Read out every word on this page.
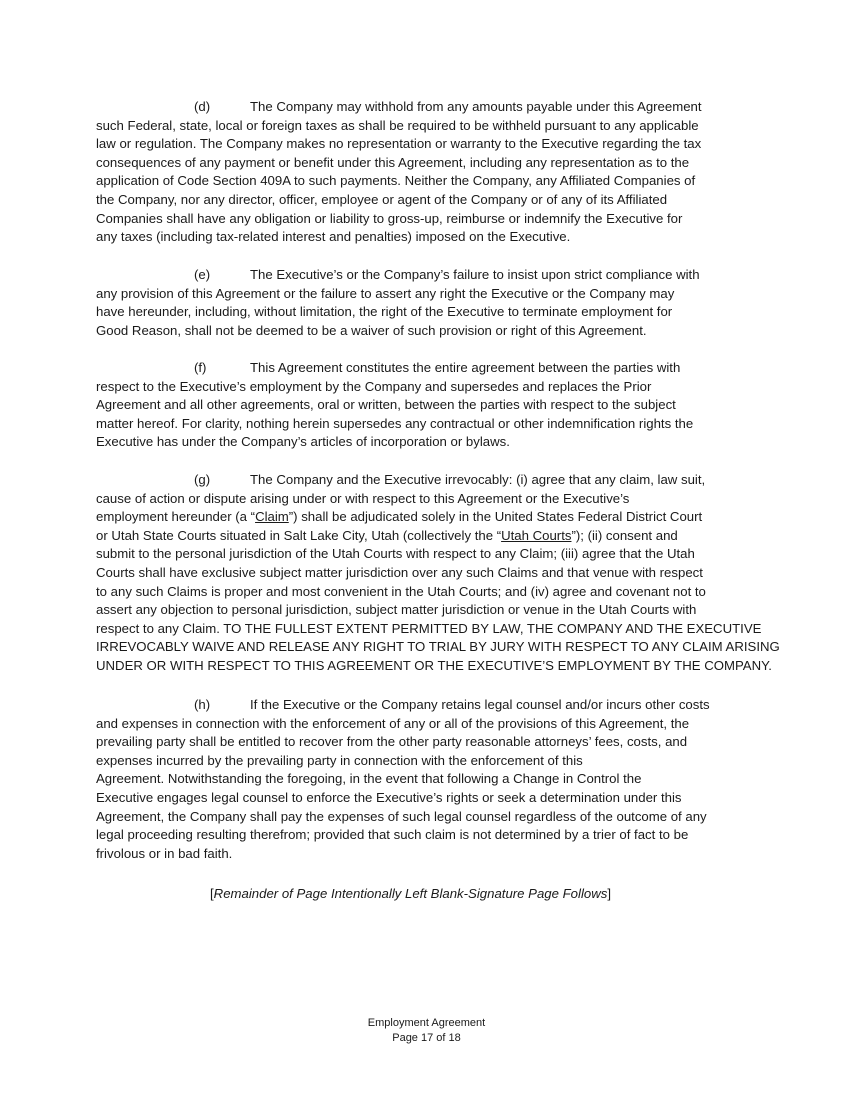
(d)	The Company may withhold from any amounts payable under this Agreement
such Federal, state, local or foreign taxes as shall be required to be withheld pursuant to any applicable
law or regulation. The Company makes no representation or warranty to the Executive regarding the tax
consequences of any payment or benefit under this Agreement, including any representation as to the
application of Code Section 409A to such payments. Neither the Company, any Affiliated Companies of
the Company, nor any director, officer, employee or agent of the Company or of any of its Affiliated
Companies shall have any obligation or liability to gross-up, reimburse or indemnify the Executive for
any taxes (including tax-related interest and penalties) imposed on the Executive.
(e)	The Executive’s or the Company’s failure to insist upon strict compliance with
any provision of this Agreement or the failure to assert any right the Executive or the Company may
have hereunder, including, without limitation, the right of the Executive to terminate employment for
Good Reason, shall not be deemed to be a waiver of such provision or right of this Agreement.
(f)	This Agreement constitutes the entire agreement between the parties with
respect to the Executive’s employment by the Company and supersedes and replaces the Prior
Agreement and all other agreements, oral or written, between the parties with respect to the subject
matter hereof. For clarity, nothing herein supersedes any contractual or other indemnification rights the
Executive has under the Company’s articles of incorporation or bylaws.
(g)	The Company and the Executive irrevocably: (i) agree that any claim, law suit,
cause of action or dispute arising under or with respect to this Agreement or the Executive’s
employment hereunder (a “Claim”) shall be adjudicated solely in the United States Federal District Court
or Utah State Courts situated in Salt Lake City, Utah (collectively the “Utah Courts”); (ii) consent and
submit to the personal jurisdiction of the Utah Courts with respect to any Claim; (iii) agree that the Utah
Courts shall have exclusive subject matter jurisdiction over any such Claims and that venue with respect
to any such Claims is proper and most convenient in the Utah Courts; and (iv) agree and covenant not to
assert any objection to personal jurisdiction, subject matter jurisdiction or venue in the Utah Courts with
respect to any Claim. TO THE FULLEST EXTENT PERMITTED BY LAW, THE COMPANY AND THE EXECUTIVE
IRREVOCABLY WAIVE AND RELEASE ANY RIGHT TO TRIAL BY JURY WITH RESPECT TO ANY CLAIM ARISING
UNDER OR WITH RESPECT TO THIS AGREEMENT OR THE EXECUTIVE’S EMPLOYMENT BY THE COMPANY.
(h)	If the Executive or the Company retains legal counsel and/or incurs other costs
and expenses in connection with the enforcement of any or all of the provisions of this Agreement, the
prevailing party shall be entitled to recover from the other party reasonable attorneys’ fees, costs, and
expenses incurred by the prevailing party in connection with the enforcement of this
Agreement. Notwithstanding the foregoing, in the event that following a Change in Control the
Executive engages legal counsel to enforce the Executive’s rights or seek a determination under this
Agreement, the Company shall pay the expenses of such legal counsel regardless of the outcome of any
legal proceeding resulting therefrom; provided that such claim is not determined by a trier of fact to be
frivolous or in bad faith.
[Remainder of Page Intentionally Left Blank-Signature Page Follows]
Employment Agreement
Page 17 of 18
